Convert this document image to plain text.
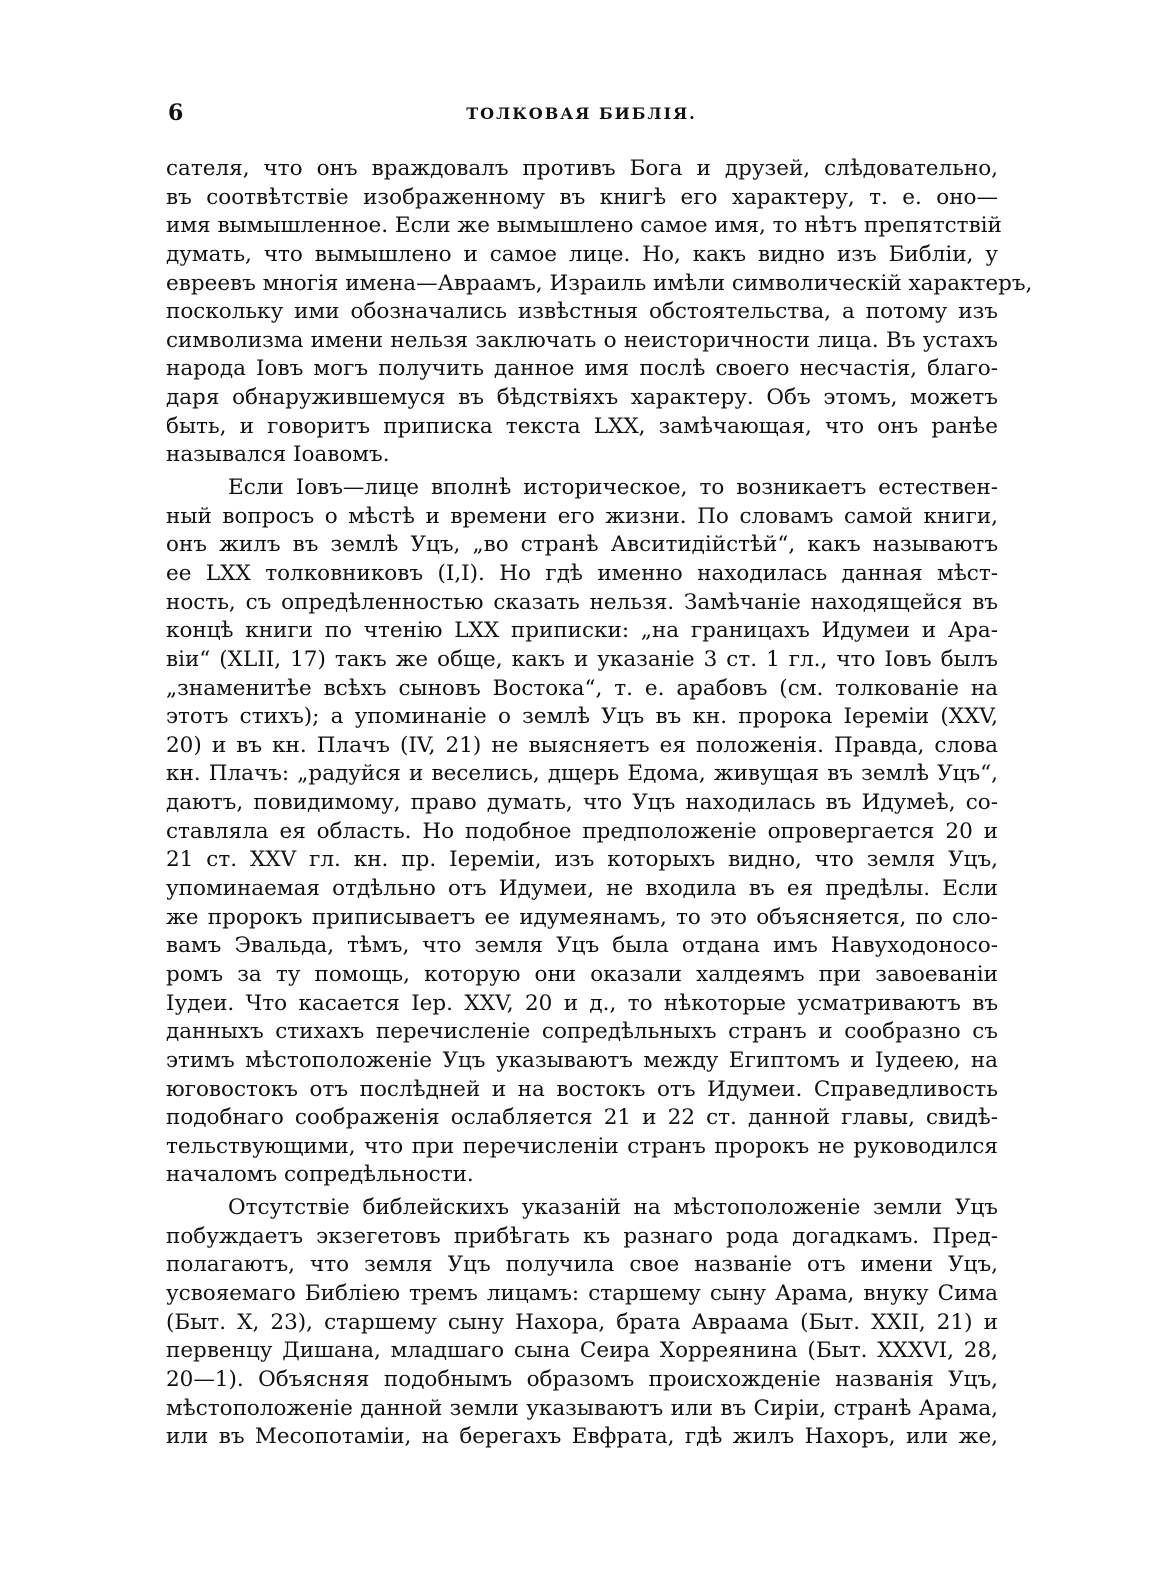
6	ТОЛКОВАЯ БИБЛІЯ.
сателя, что онъ враждовалъ противъ Бога и друзей, слѣдовательно,
въ соотвѣтствіе изображенному въ книгѣ его характеру, т. е. оно—
имя вымышленное. Если же вымышлено самое имя, то нѣтъ препятствій
думать, что вымышлено и самое лице. Но, какъ видно изъ Библіи, у
евреевъ многія имена—Авраамъ, Израиль имѣли символическій характеръ,
поскольку ими обозначались извѣстныя обстоятельства, а потому изъ
символизма имени нельзя заключать о неисторичности лица. Въ устахъ
народа Іовъ могъ получить данное имя послѣ своего несчастія, благо-
даря обнаружившемуся въ бѣдствіяхъ характеру. Объ этомъ, можетъ
быть, и говоритъ приписка текста LXX, замѣчающая, что онъ ранѣе
назывался Іоавомъ.
Если Іовъ—лице вполнѣ историческое, то возникаетъ естествен-
ный вопросъ о мѣстѣ и времени его жизни. По словамъ самой книги,
онъ жилъ въ землѣ Уцъ, „во странѣ Авситидійстѣй“, какъ называютъ
ее LXX толковниковъ (I,I). Но гдѣ именно находилась данная мѣст-
ность, съ опредѣленностью сказать нельзя. Замѣчаніе находящейся въ
концѣ книги по чтенію LXX приписки: „на границахъ Идумеи и Ара-
віи“ (XLII, 17) такъ же обще, какъ и указаніе 3 ст. 1 гл., что Іовъ былъ
„знаменитѣе всѣхъ сыновъ Востока“, т. е. арабовъ (см. толкованіе на
этотъ стихъ); а упоминаніе о землѣ Уцъ въ кн. пророка Іереміи (XXV,
20) и въ кн. Плачъ (IV, 21) не выясняетъ ея положенія. Правда, слова
кн. Плачъ: „радуйся и веселись, дщерь Едома, живущая въ землѣ Уцъ“,
даютъ, повидимому, право думать, что Уцъ находилась въ Идумеѣ, со-
ставляла ея область. Но подобное предположеніе опровергается 20 и
21 ст. XXV гл. кн. пр. Іереміи, изъ которыхъ видно, что земля Уцъ,
упоминаемая отдѣльно отъ Идумеи, не входила въ ея предѣлы. Если
же пророкъ приписываетъ ее идумеянамъ, то это объясняется, по сло-
вамъ Эвальда, тѣмъ, что земля Уцъ была отдана имъ Навуходоносо-
ромъ за ту помощь, которую они оказали халдеямъ при завоеваніи
Іудеи. Что касается Іер. XXV, 20 и д., то нѣкоторые усматриваютъ въ
данныхъ стихахъ перечисленіе сопредѣльныхъ странъ и сообразно съ
этимъ мѣстоположеніе Уцъ указываютъ между Египтомъ и Іудеею, на
юговостокъ отъ послѣдней и на востокъ отъ Идумеи. Справедливость
подобнаго соображенія ослабляется 21 и 22 ст. данной главы, свидѣ-
тельствующими, что при перечисленіи странъ пророкъ не руководился
началомъ сопредѣльности.
Отсутствіе библейскихъ указаній на мѣстоположеніе земли Уцъ
побуждаетъ экзегетовъ прибѣгать къ разнаго рода догадкамъ. Пред-
полагаютъ, что земля Уцъ получила свое названіе отъ имени Уцъ,
усвояемаго Библіею тремъ лицамъ: старшему сыну Арама, внуку Сима
(Быт. X, 23), старшему сыну Нахора, брата Авраама (Быт. XXII, 21) и
первенцу Дишана, младшаго сына Сеира Хорреянина (Быт. XXXVI, 28,
20—1). Объясняя подобнымъ образомъ происхожденіе названія Уцъ,
мѣстоположеніе данной земли указываютъ или въ Сиріи, странѣ Арама,
или въ Месопотаміи, на берегахъ Евфрата, гдѣ жилъ Нахоръ, или же,
